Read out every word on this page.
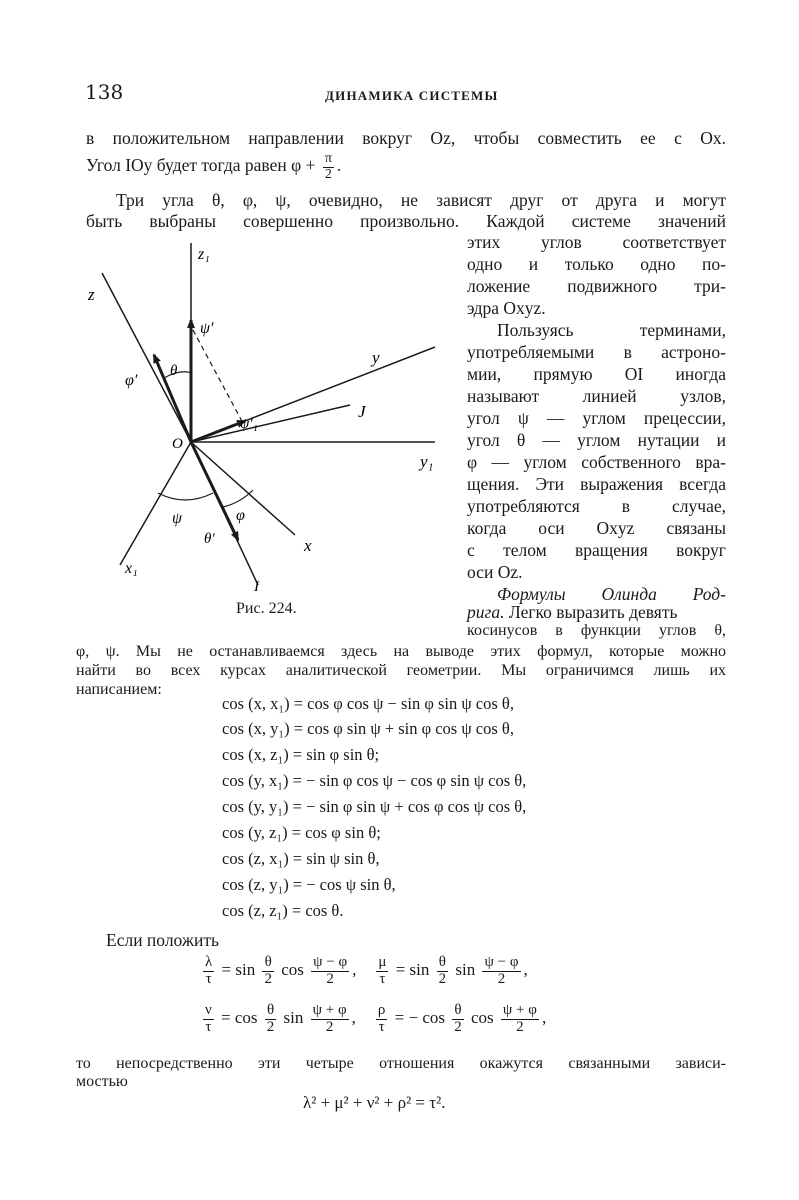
138	ДИНАМИКА СИСТЕМЫ
в положительном направлении вокруг Oz, чтобы совместить ее с Ox.
Угол IOy будет тогда равен $\varphi + \frac{\pi}{2}$ .
Три угла θ, φ, ψ, очевидно, не зависят друг от друга и могут
быть выбраны совершенно произвольно. Каждой системе значений
этих углов соответствует
одно и только одно по-
ложение подвижного три-
эдра Oxyz.
Пользуясь терминами,
употребляемыми в астроно-
мии, прямую OI иногда
называют линией узлов,
угол ψ — углом прецессии,
угол θ — углом нутации и
φ — углом собственного вра-
щения. Эти выражения всегда
употребляются в случае,
когда оси Oxyz связаны
с телом вращения вокруг
оси Oz.
z₁
z
ψ′
φ′
θ
y
J
ψ′₁
O
y₁
ψ	φ
θ′	x
x₁
I
Рис. 224.
Формулы Олинда Род-
рига. Легко выразить девять
косинусов в функции углов θ,
φ, ψ. Мы не останавливаемся здесь на выводе этих формул, которые можно
найти во всех курсах аналитической геометрии. Мы ограничимся лишь их
написанием:
cos (x, x₁) = cos φ cos ψ − sin φ sin ψ cos θ,
cos (x, y₁) = cos φ sin ψ + sin φ cos ψ cos θ,
cos (x, z₁) = sin φ sin θ;
cos (y, x₁) = − sin φ cos ψ − cos φ sin ψ cos θ,
cos (y, y₁) = − sin φ sin ψ + cos φ cos ψ cos θ,
cos (y, z₁) = cos φ sin θ;
cos (z, x₁) = sin ψ sin θ,
cos (z, y₁) = − cos ψ sin θ,
cos (z, z₁) = cos θ.
Если положить
$\frac{\lambda}{\tau} = \sin \frac{\theta}{2}$ $\cos \frac{\psi - \varphi}{2}$ , $\frac{\mu}{\tau} = \sin \frac{\theta}{2}$ $\sin \frac{\psi - \varphi}{2}$ ,
$\frac{\nu}{\tau} = \cos \frac{\theta}{2}$ $\sin \frac{\psi + \varphi}{2}$ , $\frac{\rho}{\tau}$ = − $\cos \frac{\theta}{2}$ $\cos \frac{\psi + \varphi}{2}$ ,
то непосредственно эти четыре отношения окажутся связанными зависи-
мостью
λ² + μ² + ν² + ρ² = τ².
